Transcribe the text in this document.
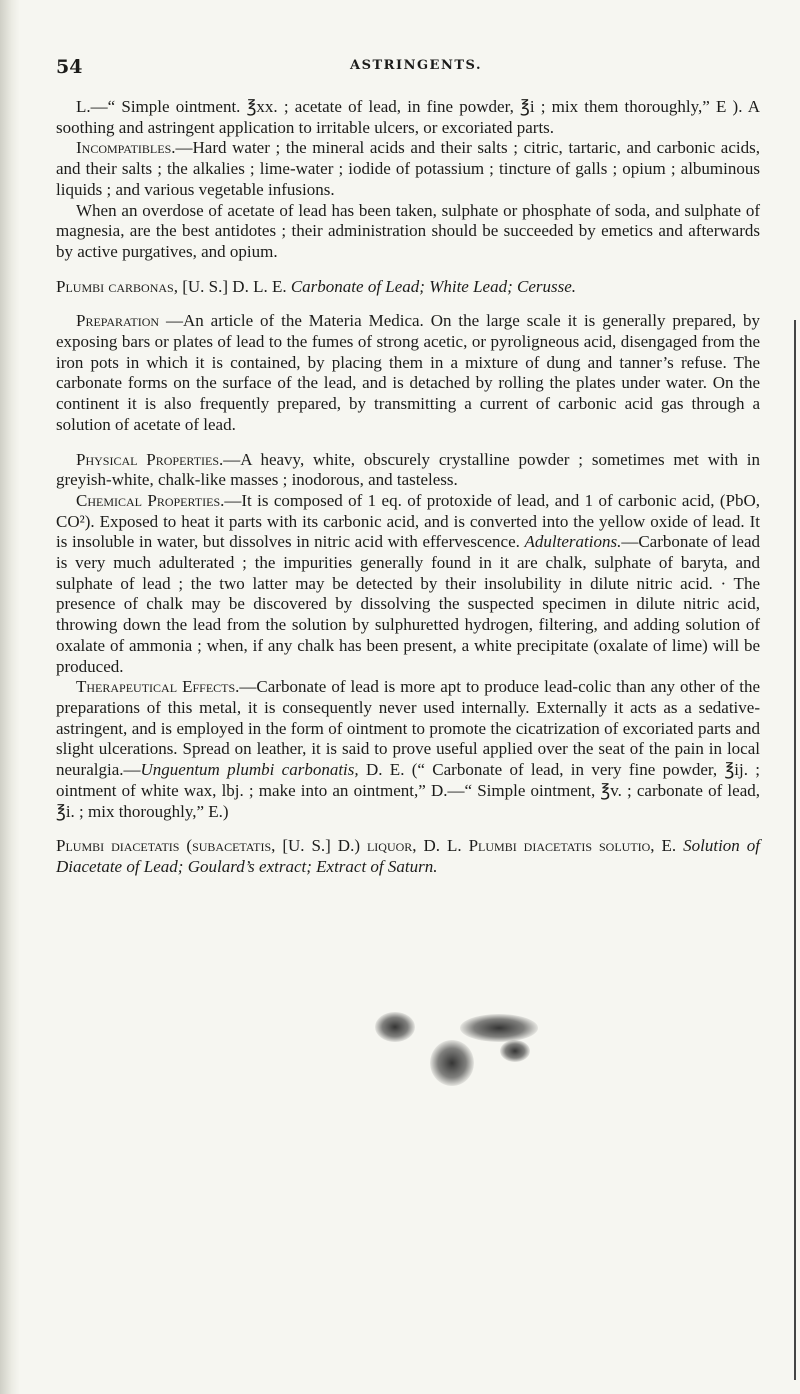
54	ASTRINGENTS.

L.—“ Simple ointment. ℥xx. ; acetate of lead, in fine powder, ℥i ; mix them thoroughly,” E ). A soothing and astringent application to irritable ulcers, or excoriated parts.

Incompatibles.—Hard water ; the mineral acids and their salts ; citric, tartaric, and carbonic acids, and their salts ; the alkalies ; lime-water ; iodide of potassium ; tincture of galls ; opium ; albuminous liquids ; and various vegetable infusions.

When an overdose of acetate of lead has been taken, sulphate or phosphate of soda, and sulphate of magnesia, are the best antidotes ; their administration should be succeeded by emetics and afterwards by active purgatives, and opium.

Plumbi carbonas, [U. S.] D. L. E. Carbonate of Lead; White Lead; Cerusse.

Preparation —An article of the Materia Medica. On the large scale it is generally prepared, by exposing bars or plates of lead to the fumes of strong acetic, or pyroligneous acid, disengaged from the iron pots in which it is contained, by placing them in a mixture of dung and tanner’s refuse. The carbonate forms on the surface of the lead, and is detached by rolling the plates under water. On the continent it is also frequently prepared, by transmitting a current of carbonic acid gas through a solution of acetate of lead.

Physical Properties.—A heavy, white, obscurely crystalline powder ; sometimes met with in greyish-white, chalk-like masses ; inodorous, and tasteless.

Chemical Properties.—It is composed of 1 eq. of protoxide of lead, and 1 of carbonic acid, (PbO, CO²). Exposed to heat it parts with its carbonic acid, and is converted into the yellow oxide of lead. It is insoluble in water, but dissolves in nitric acid with effervescence. Adulterations.—Carbonate of lead is very much adulterated ; the impurities generally found in it are chalk, sulphate of baryta, and sulphate of lead ; the two latter may be detected by their insolubility in dilute nitric acid. · The presence of chalk may be discovered by dissolving the suspected specimen in dilute nitric acid, throwing down the lead from the solution by sulphuretted hydrogen, filtering, and adding solution of oxalate of ammonia ; when, if any chalk has been present, a white precipitate (oxalate of lime) will be produced.

Therapeutical Effects.—Carbonate of lead is more apt to produce lead-colic than any other of the preparations of this metal, it is consequently never used internally. Externally it acts as a sedative-astringent, and is employed in the form of ointment to promote the cicatrization of excoriated parts and slight ulcerations. Spread on leather, it is said to prove useful applied over the seat of the pain in local neuralgia.—Unguentum plumbi carbonatis, D. E. (“ Carbonate of lead, in very fine powder, ℥ij. ; ointment of white wax, lbj. ; make into an ointment,” D.—“ Simple ointment, ℥v. ; carbonate of lead, ℥i. ; mix thoroughly,” E.)

Plumbi diacetatis (subacetatis, [U. S.] D.) liquor, D. L. Plumbi diacetatis solutio, E. Solution of Diacetate of Lead; Goulard’s extract; Extract of Saturn.
